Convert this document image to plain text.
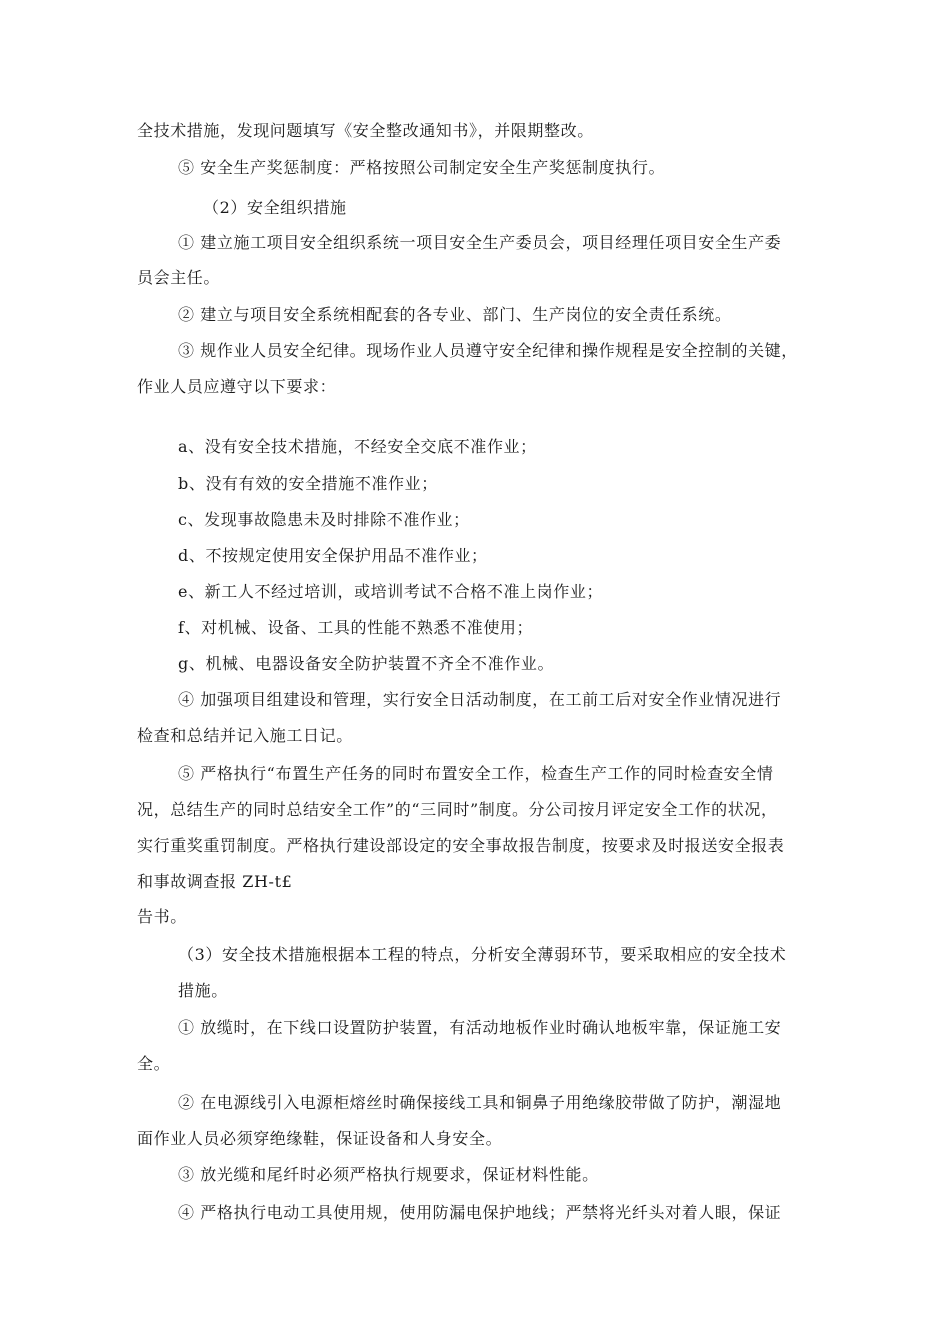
全技术措施，发现问题填写《安全整改通知书》，并限期整改。
⑤ 安全生产奖惩制度：严格按照公司制定安全生产奖惩制度执行。
（2）安全组织措施
① 建立施工项目安全组织系统一项目安全生产委员会，项目经理任项目安全生产委
员会主任。
② 建立与项目安全系统相配套的各专业、部门、生产岗位的安全责任系统。
③ 规作业人员安全纪律。现场作业人员遵守安全纪律和操作规程是安全控制的关键，
作业人员应遵守以下要求：
a、没有安全技术措施，不经安全交底不准作业；
b、没有有效的安全措施不准作业；
c、发现事故隐患未及时排除不准作业；
d、不按规定使用安全保护用品不准作业；
e、新工人不经过培训，或培训考试不合格不准上岗作业；
f、对机械、设备、工具的性能不熟悉不准使用；
g、机械、电器设备安全防护装置不齐全不准作业。
④ 加强项目组建设和管理，实行安全日活动制度，在工前工后对安全作业情况进行
检查和总结并记入施工日记。
⑤ 严格执行“布置生产任务的同时布置安全工作，检查生产工作的同时检查安全情
况，总结生产的同时总结安全工作”的“三同时”制度。分公司按月评定安全工作的状况，
实行重奖重罚制度。严格执行建设部设定的安全事故报告制度，按要求及时报送安全报表
和事故调查报 ZH-t£
告书。
（3）安全技术措施根据本工程的特点，分析安全薄弱环节，要采取相应的安全技术
措施。
① 放缆时，在下线口设置防护装置，有活动地板作业时确认地板牢靠，保证施工安
全。
② 在电源线引入电源柜熔丝时确保接线工具和铜鼻子用绝缘胶带做了防护，潮湿地
面作业人员必须穿绝缘鞋，保证设备和人身安全。
③ 放光缆和尾纤时必须严格执行规要求，保证材料性能。
④ 严格执行电动工具使用规，使用防漏电保护地线；严禁将光纤头对着人眼，保证
